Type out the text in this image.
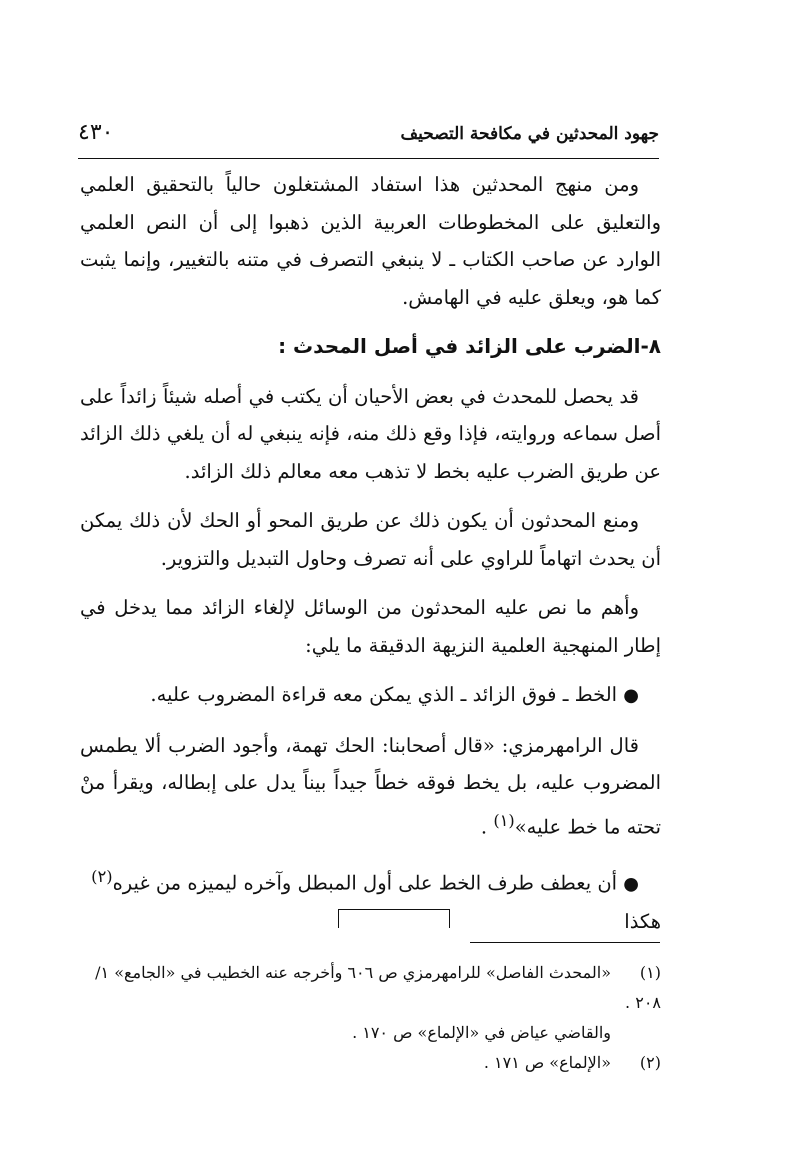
٤٣٠	جهود المحدثين في مكافحة التصحيف

ومن منهج المحدثين هذا استفاد المشتغلون حالياً بالتحقيق العلمي والتعليق على المخطوطات العربية الذين ذهبوا إلى أن النص العلمي الوارد عن صاحب الكتاب ـ لا ينبغي التصرف في متنه بالتغيير، وإنما يثبت كما هو، ويعلق عليه في الهامش.

٨-الضرب على الزائد في أصل المحدث :

قد يحصل للمحدث في بعض الأحيان أن يكتب في أصله شيئاً زائداً على أصل سماعه وروايته، فإذا وقع ذلك منه، فإنه ينبغي له أن يلغي ذلك الزائد عن طريق الضرب عليه بخط لا تذهب معه معالم ذلك الزائد.

ومنع المحدثون أن يكون ذلك عن طريق المحو أو الحك لأن ذلك يمكن أن يحدث اتهاماً للراوي على أنه تصرف وحاول التبديل والتزوير.

وأهم ما نص عليه المحدثون من الوسائل لإلغاء الزائد مما يدخل في إطار المنهجية العلمية النزيهة الدقيقة ما يلي:

● الخط ـ فوق الزائد ـ الذي يمكن معه قراءة المضروب عليه.

قال الرامهرمزي: «قال أصحابنا: الحك تهمة، وأجود الضرب ألا يطمس المضروب عليه، بل يخط فوقه خطاً جيداً بيناً يدل على إبطاله، ويقرأ منْ تحته ما خط عليه»$^{(١)}$ .

● أن يعطف طرف الخط على أول المبطل وآخره ليميزه من غيره$^{(٢)}$

هكذا

(١)«المحدث الفاصل» للرامهرمزي ص ٦٠٦ وأخرجه عنه الخطيب في «الجامع» ١/ ٢٠٨ .

والقاضي عياض في «الإلماع» ص ١٧٠ .

(٢)«الإلماع» ص ١٧١ .
